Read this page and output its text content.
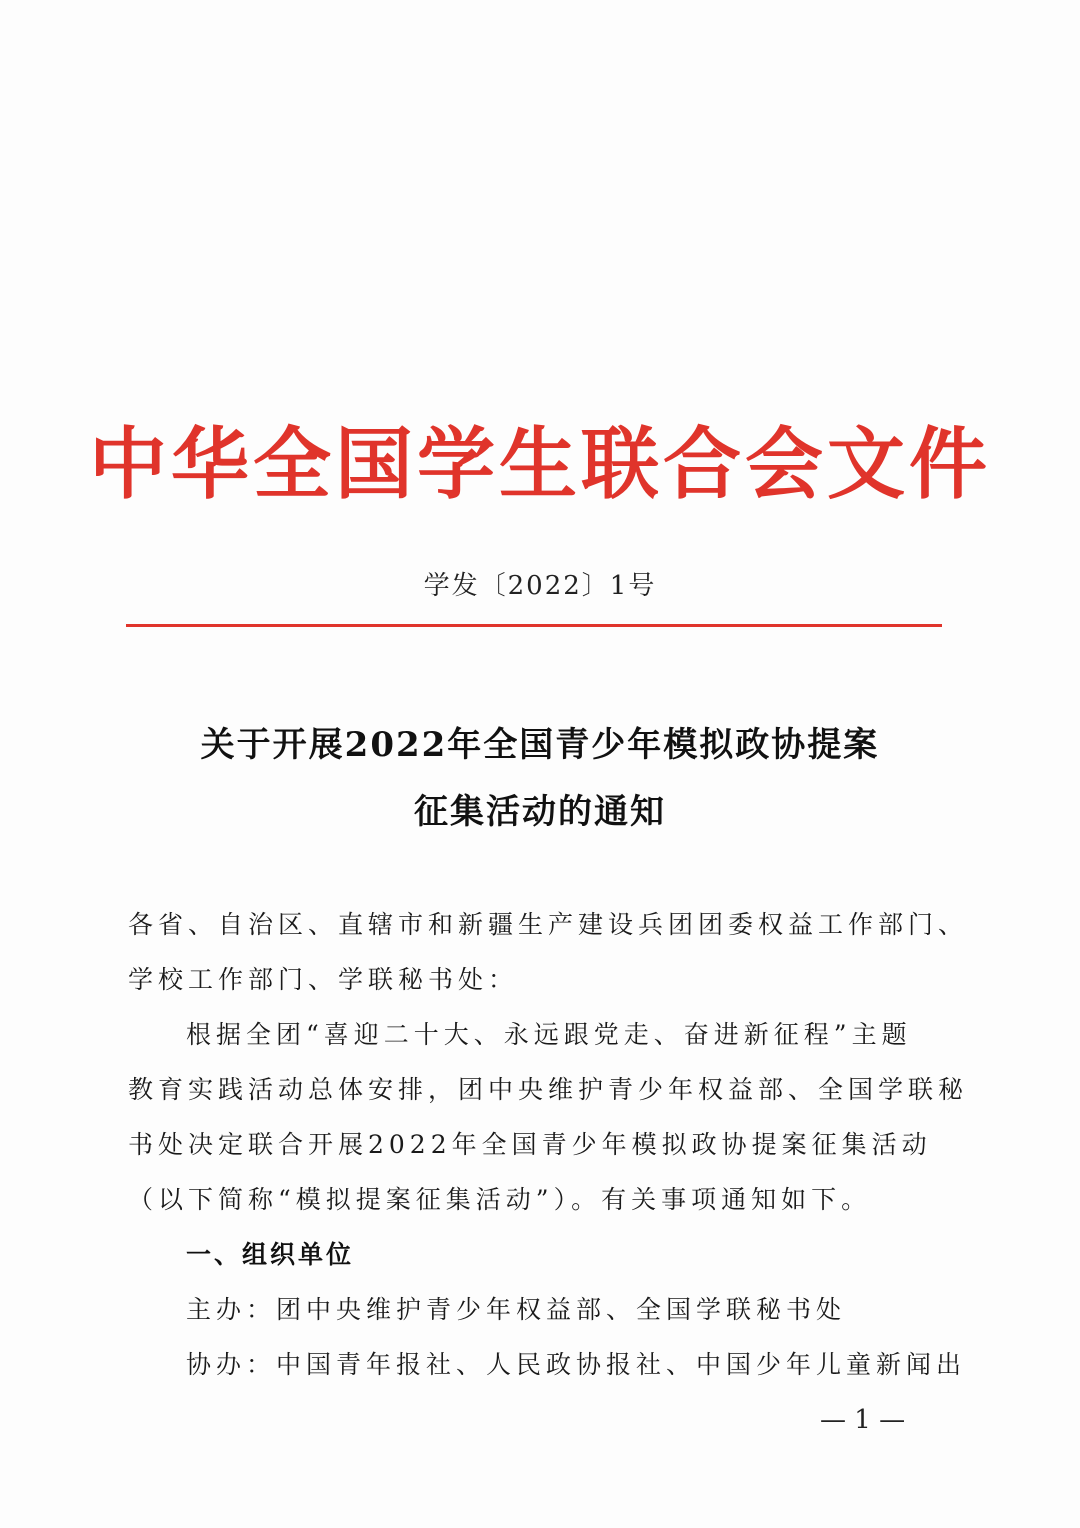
中华全国学生联合会文件
学发〔2022〕1号
关于开展2022年全国青少年模拟政协提案
征集活动的通知
各省、自治区、直辖市和新疆生产建设兵团团委权益工作部门、
学校工作部门、学联秘书处：
根据全团“喜迎二十大、永远跟党走、奋进新征程”主题
教育实践活动总体安排，团中央维护青少年权益部、全国学联秘
书处决定联合开展2022年全国青少年模拟政协提案征集活动
（以下简称“模拟提案征集活动”）。有关事项通知如下。
一、组织单位
主办：团中央维护青少年权益部、全国学联秘书处
协办：中国青年报社、人民政协报社、中国少年儿童新闻出
— 1 —
